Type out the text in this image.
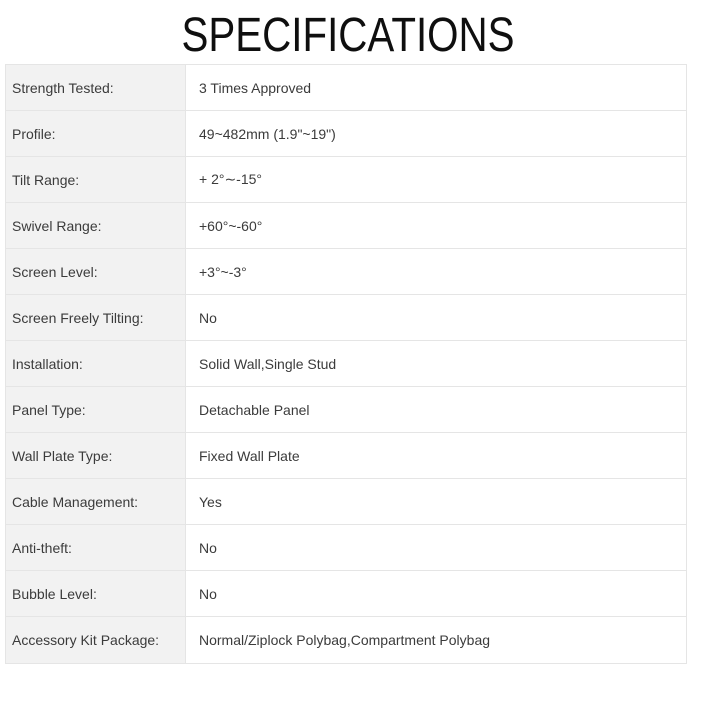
SPECIFICATIONS
Strength Tested:	3 Times Approved
Profile:	49~482mm (1.9"~19")
Tilt Range:	+ 2°∼-15°
Swivel Range:	+60°~-60°
Screen Level:	+3°~-3°
Screen Freely Tilting:	No
Installation:	Solid Wall,Single Stud
Panel Type:	Detachable Panel
Wall Plate Type:	Fixed Wall Plate
Cable Management:	Yes
Anti-theft:	No
Bubble Level:	No
Accessory Kit Package:	Normal/Ziplock Polybag,Compartment Polybag
